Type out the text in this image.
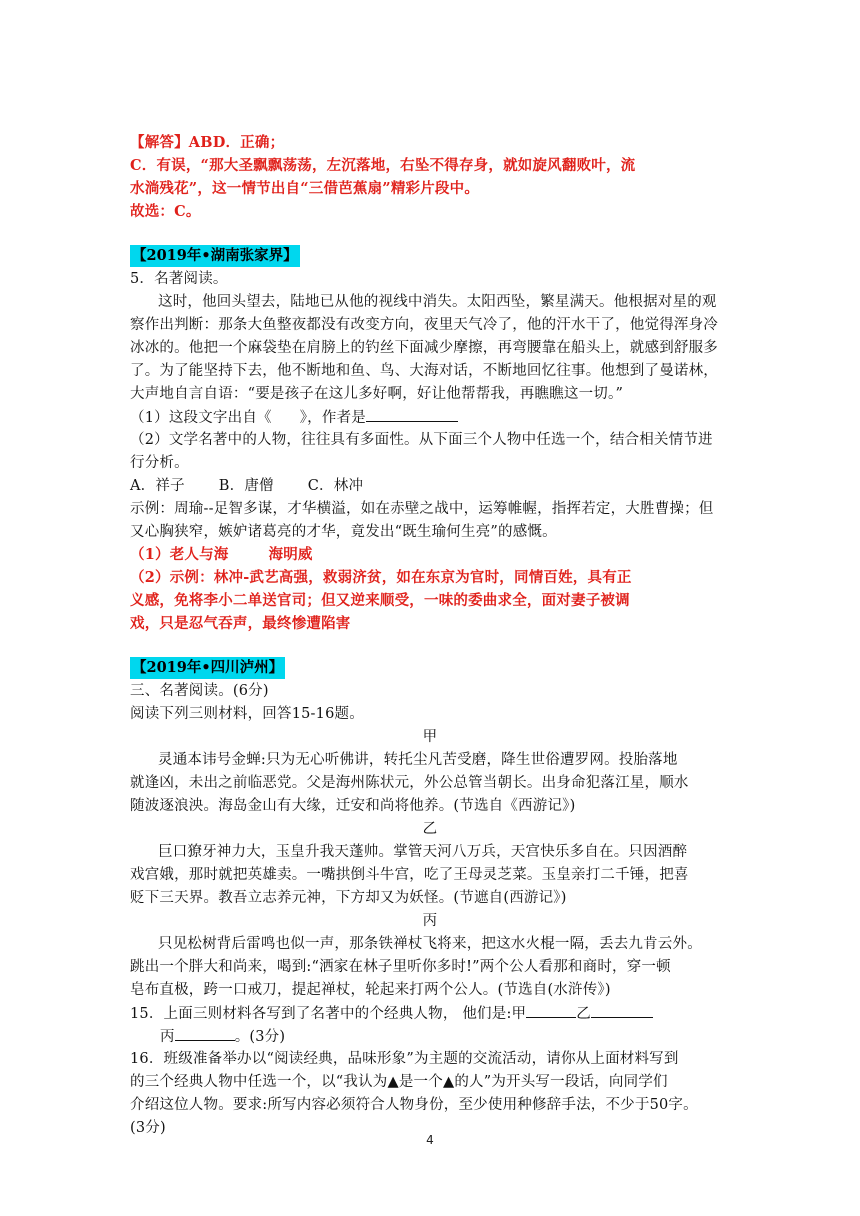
【解答】ABD．正确；
C．有误，“那大圣飘飘荡荡，左沉落地，右坠不得存身，就如旋风翻败叶，流
水淌残花”，这一情节出自“三借芭蕉扇”精彩片段中。
故选：C。
【2019年•湖南张家界】
5．名著阅读。
这时，他回头望去，陆地已从他的视线中消失。太阳西坠，繁星满天。他根据对星的观
察作出判断：那条大鱼整夜都没有改变方向，夜里天气冷了，他的汗水干了，他觉得浑身冷
冰冰的。他把一个麻袋垫在肩膀上的钓丝下面减少摩擦，再弯腰靠在船头上，就感到舒服多
了。为了能坚持下去，他不断地和鱼、鸟、大海对话，不断地回忆往事。他想到了曼诺林，
大声地自言自语：“要是孩子在这儿多好啊，好让他帮帮我，再瞧瞧这一切。”
（1）这段文字出自《 》，作者是
（2）文学名著中的人物，往往具有多面性。从下面三个人物中任选一个，结合相关情节进
行分析。
A．祥子 B．唐僧 C．林冲
示例：周瑜--足智多谋，才华横溢，如在赤壁之战中，运筹帷幄，指挥若定，大胜曹操；但
又心胸狭窄，嫉妒诸葛亮的才华，竟发出“既生瑜何生亮”的感慨。
（1）老人与海	海明威
（2）示例：林冲-武艺高强，救弱济贫，如在东京为官时，同情百姓，具有正
义感，免将李小二单送官司；但又逆来顺受，一味的委曲求全，面对妻子被调
戏，只是忍气吞声，最终惨遭陷害
【2019年•四川泸州】
三、名著阅读。(6分)
阅读下列三则材料，回答15-16题。
甲
灵通本讳号金蝉:只为无心听佛讲，转托尘凡苦受磨，降生世俗遭罗网。投胎落地
就逢凶，未出之前临恶党。父是海州陈状元，外公总管当朝长。出身命犯落江星，顺水
随波逐浪泱。海岛金山有大缘，迁安和尚将他养。(节选自《西游记》)
乙
巨口獠牙神力大，玉皇升我天蓬帅。掌管天河八万兵，天宫快乐多自在。只因酒醉
戏宫娥，那时就把英雄卖。一嘴拱倒斗牛宫，吃了王母灵芝菜。玉皇亲打二千锤，把喜
贬下三天界。教吾立志养元神，下方却又为妖怪。(节遮自(西游记》)
丙
只见松树背后雷鸣也似一声，那条铁禅杖飞将来，把这水火棍一隔，丢去九肯云外。
跳出一个胖大和尚来，喝到:“洒家在林子里听你多时!”两个公人看那和商时，穿一顿
皂布直极，跨一口戒刀，提起禅杖，轮起来打两个公人。(节选自(水浒传》)
15．上面三则材料各写到了名著中的个经典人物， 他们是:甲	乙
丙	。(3分)
16．班级准备举办以“阅读经典，品味形象”为主题的交流活动，请你从上面材料写到
的三个经典人物中任选一个，以“我认为▲是一个▲的人”为开头写一段话，向同学们
介绍这位人物。要求:所写内容必须符合人物身份，至少使用种修辞手法，不少于50字。
(3分)
4
